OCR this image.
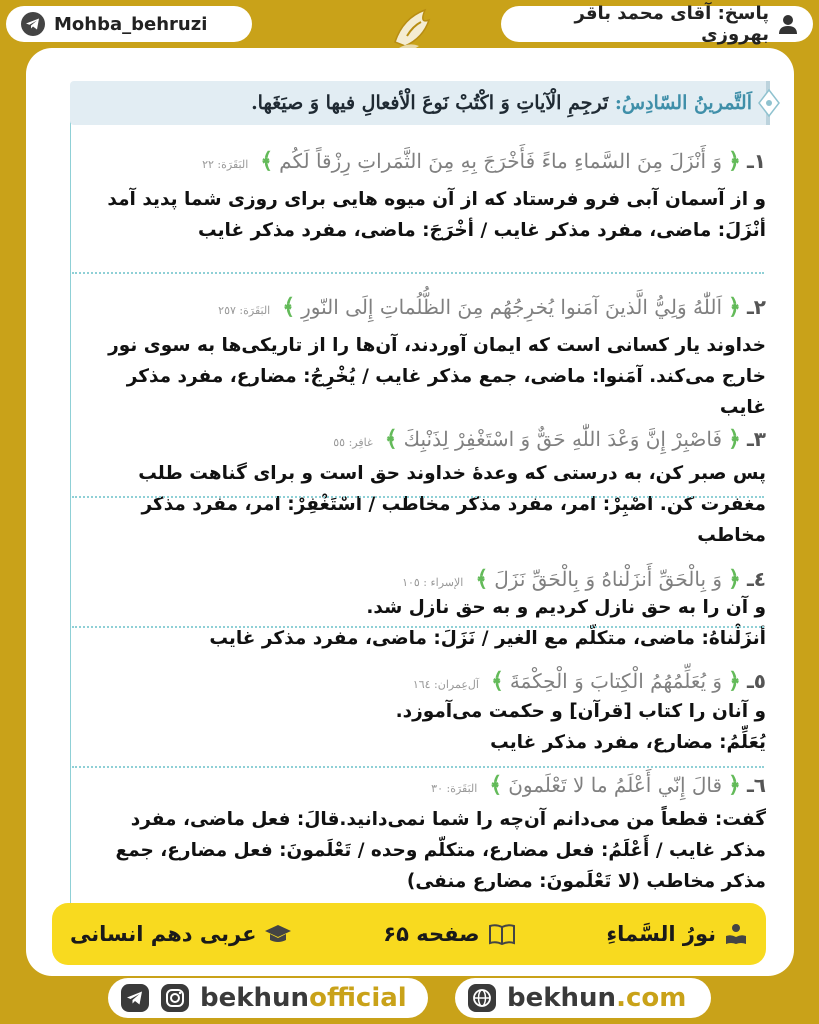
Mohba_behruzi	پاسخ: آقای محمد باقر بهروزی
اَلتَّمرينُ السّادِسُ: تَرجِمِ الْآياتِ وَ اكْتُبْ نَوعَ الْأفعالِ فيها وَ صيَغَها.
١ـ
﴿
وَ أَنْزَلَ مِنَ السَّماءِ ماءً فَأَخْرَجَ بِهِ مِنَ الثَّمَراتِ رِزْقاً لَكُم
﴾
البَقَرَة: ٢٢
و از آسمان آبی فرو فرستاد که از آن میوه هایی برای روزی شما پدید آمد
أنْزَلَ: ماضی، مفرد مذکر غایب / أخْرَجَ: ماضی، مفرد مذکر غایب
٢ـ
﴿
اَللّٰهُ وَلِيُّ الَّذينَ آمَنوا يُخرِجُهُم مِنَ الظُّلُماتِ إِلَى النّورِ
﴾
البَقَرَة: ٢٥٧
خداوند یار کسانی است که ایمان آوردند، آن‌ها را از تاریکی‌ها به سوی نور
خارج می‌کند. آمَنوا: ماضی، جمع مذکر غایب / یُخْرِجُ: مضارع، مفرد مذکر
غایب
٣ـ
﴿
فَاصْبِرْ إِنَّ وَعْدَ اللّٰهِ حَقٌّ وَ اسْتَغْفِرْ لِذَنْبِكَ
﴾
غافِر: ٥٥
پس صبر کن، به درستی که وعدهٔ خداوند حق است و برای گناهت طلب
مغفرت کن. اصْبِرْ: امر، مفرد مذکر مخاطب / اسْتَغْفِرْ: امر، مفرد مذکر
مخاطب
٤ـ
﴿
وَ بِالْحَقِّ أَنزَلْناهُ وَ بِالْحَقِّ نَزَلَ
﴾
الإسراء : ١٠٥
و آن را به حق نازل کردیم و به حق نازل شد.
أنزَلْناهُ: ماضی، متکلّم مع الغیر / نَزَلَ: ماضی، مفرد مذکر غایب
٥ـ
﴿
وَ يُعَلِّمُهُمُ الْكِتابَ وَ الْحِكْمَةَ
﴾
آل‌عِمران: ١٦٤
و آنان را کتاب [قرآن] و حکمت می‌آموزد.
یُعَلِّمُ: مضارع، مفرد مذکر غایب
٦ـ
﴿
قالَ إِنّي أَعْلَمُ ما لا تَعْلَمونَ
﴾
البَقَرَة: ٣٠
گفت: قطعاً من می‌دانم آن‌چه را شما نمی‌دانید.قالَ: فعل ماضی، مفرد
مذکر غایب / أَعْلَمُ: فعل مضارع، متکلّم وحده / تَعْلَمونَ: فعل مضارع، جمع
مذکر مخاطب (لا تَعْلَمونَ: مضارع منفی)
نورُ السَّماءِ
صفحه ۶۵
عربی دهم انسانی
bekhunofficial	bekhun.com
